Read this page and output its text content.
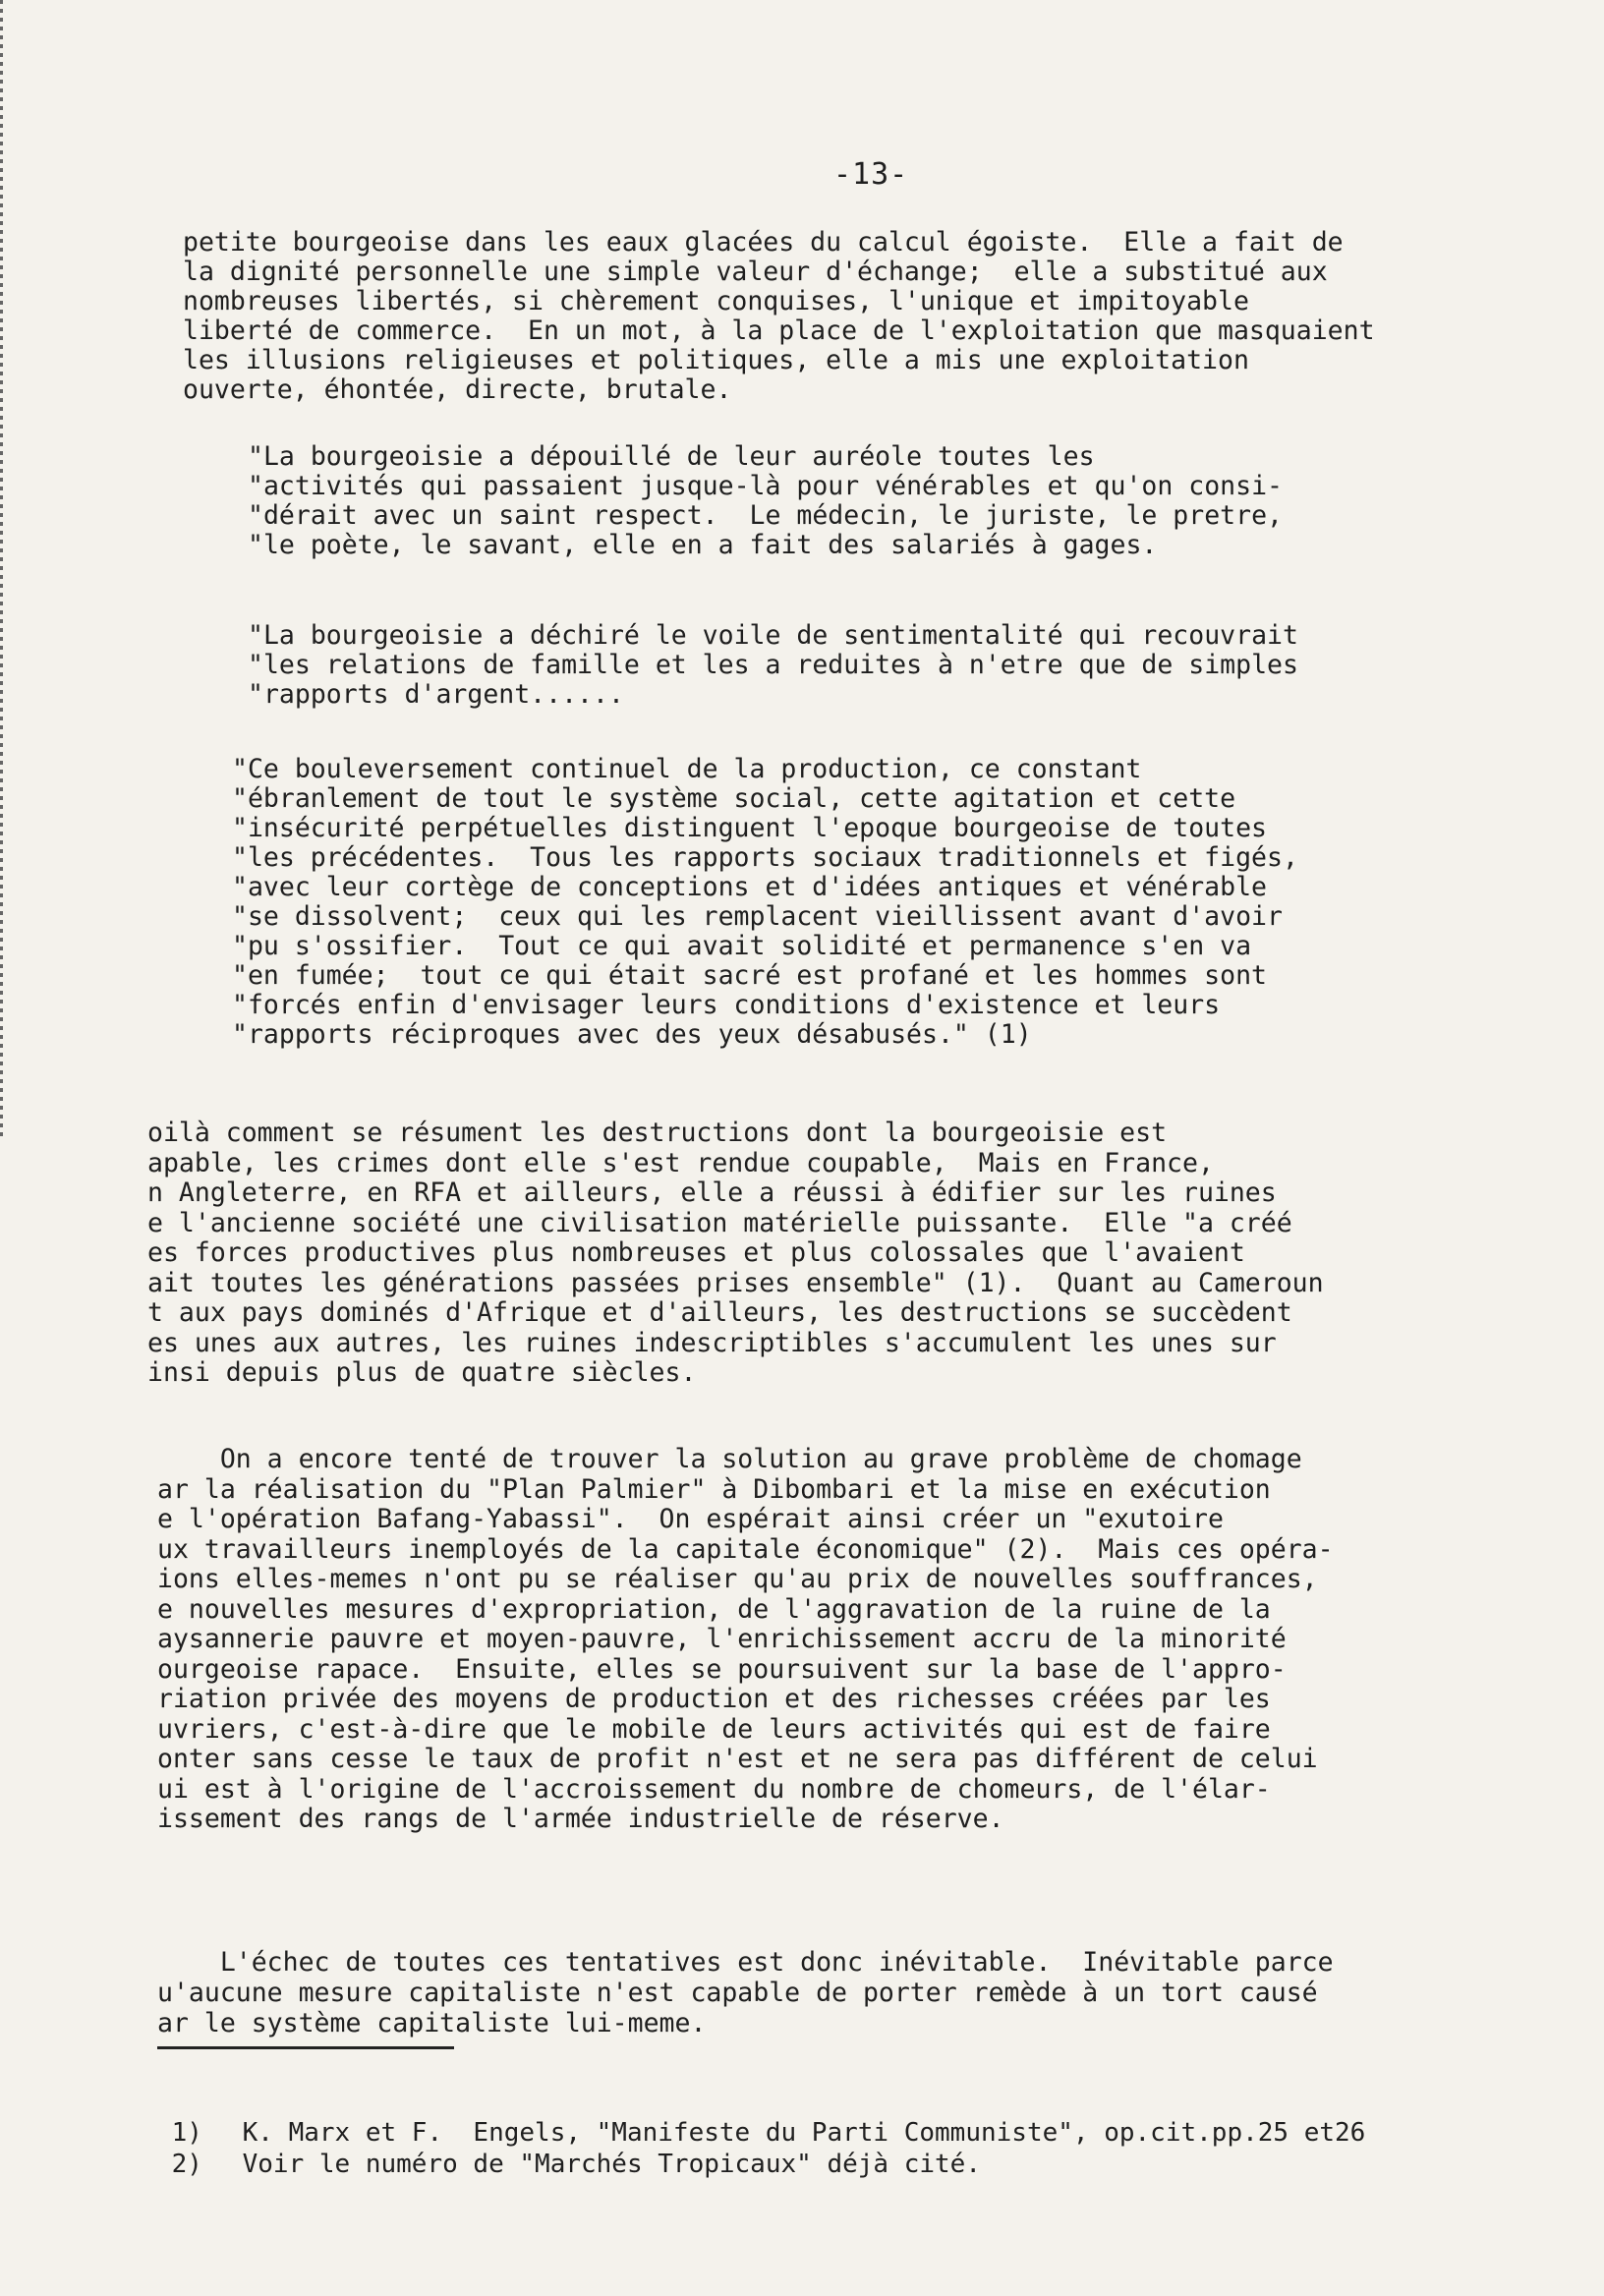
-13-
petite bourgeoise dans les eaux glacées du calcul égoiste.  Elle a fait de
la dignité personnelle une simple valeur d'échange;  elle a substitué aux
nombreuses libertés, si chèrement conquises, l'unique et impitoyable
liberté de commerce.  En un mot, à la place de l'exploitation que masquaient
les illusions religieuses et politiques, elle a mis une exploitation
ouverte, éhontée, directe, brutale.
"La bourgeoisie a dépouillé de leur auréole toutes les
"activités qui passaient jusque-là pour vénérables et qu'on consi-
"dérait avec un saint respect.  Le médecin, le juriste, le pretre,
"le poète, le savant, elle en a fait des salariés à gages.
"La bourgeoisie a déchiré le voile de sentimentalité qui recouvrait
"les relations de famille et les a reduites à n'etre que de simples
"rapports d'argent......
"Ce bouleversement continuel de la production, ce constant
"ébranlement de tout le système social, cette agitation et cette
"insécurité perpétuelles distinguent l'epoque bourgeoise de toutes
"les précédentes.  Tous les rapports sociaux traditionnels et figés,
"avec leur cortège de conceptions et d'idées antiques et vénérable
"se dissolvent;  ceux qui les remplacent vieillissent avant d'avoir
"pu s'ossifier.  Tout ce qui avait solidité et permanence s'en va
"en fumée;  tout ce qui était sacré est profané et les hommes sont
"forcés enfin d'envisager leurs conditions d'existence et leurs
"rapports réciproques avec des yeux désabusés." (1)
oilà comment se résument les destructions dont la bourgeoisie est
apable, les crimes dont elle s'est rendue coupable,  Mais en France,
n Angleterre, en RFA et ailleurs, elle a réussi à édifier sur les ruines
e l'ancienne société une civilisation matérielle puissante.  Elle "a créé
es forces productives plus nombreuses et plus colossales que l'avaient
ait toutes les générations passées prises ensemble" (1).  Quant au Cameroun
t aux pays dominés d'Afrique et d'ailleurs, les destructions se succèdent
es unes aux autres, les ruines indescriptibles s'accumulent les unes sur
insi depuis plus de quatre siècles.
On a encore tenté de trouver la solution au grave problème de chomage
ar la réalisation du "Plan Palmier" à Dibombari et la mise en exécution
e l'opération Bafang-Yabassi".  On espérait ainsi créer un "exutoire
ux travailleurs inemployés de la capitale économique" (2).  Mais ces opéra-
ions elles-memes n'ont pu se réaliser qu'au prix de nouvelles souffrances,
e nouvelles mesures d'expropriation, de l'aggravation de la ruine de la
aysannerie pauvre et moyen-pauvre, l'enrichissement accru de la minorité
ourgeoise rapace.  Ensuite, elles se poursuivent sur la base de l'appro-
riation privée des moyens de production et des richesses créées par les
uvriers, c'est-à-dire que le mobile de leurs activités qui est de faire
onter sans cesse le taux de profit n'est et ne sera pas différent de celui
ui est à l'origine de l'accroissement du nombre de chomeurs, de l'élar-
issement des rangs de l'armée industrielle de réserve.
L'échec de toutes ces tentatives est donc inévitable.  Inévitable parce
u'aucune mesure capitaliste n'est capable de porter remède à un tort causé
ar le système capitaliste lui-meme.

1) K. Marx et F.  Engels, "Manifeste du Parti Communiste", op.cit.pp.25 et26

2) Voir le numéro de "Marchés Tropicaux" déjà cité.
